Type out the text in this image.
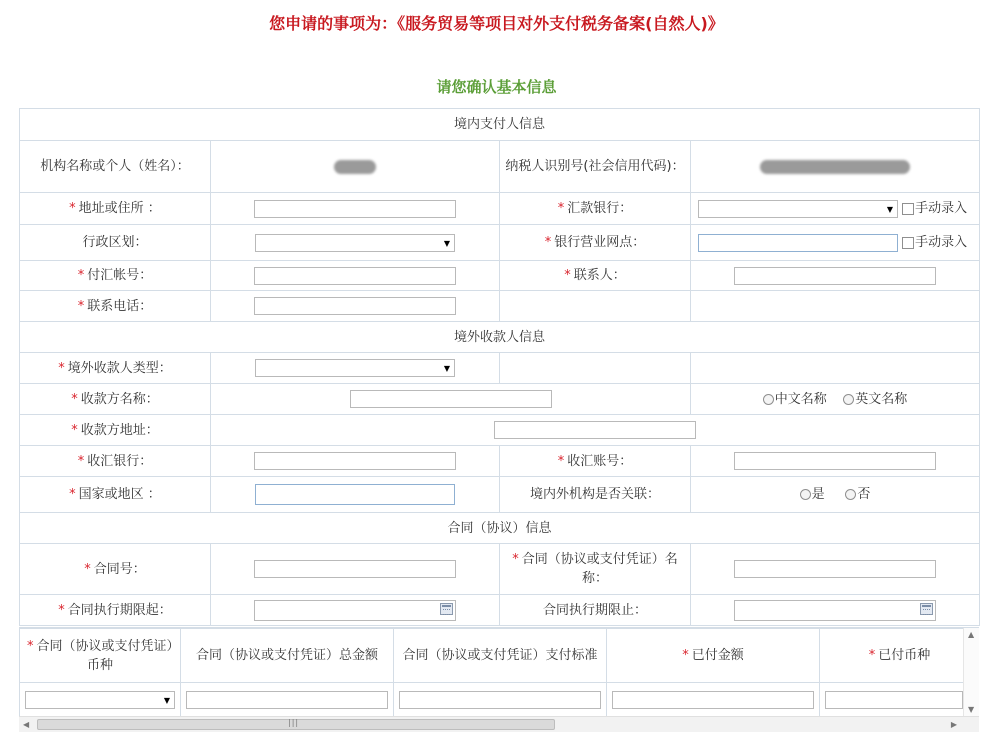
您申请的事项为：《服务贸易等项目对外支付税务备案(自然人)》
请您确认基本信息
境内支付人信息			
机构名称或个人（姓名）：		纳税人识别号(社会信用代码)：	
* 地址或住所 ：		* 汇款银行：	▼ 手动录入
行政区划：	▼	* 银行营业网点：	手动录入
* 付汇帐号：		* 联系人：	
* 联系电话：			
境外收款人信息			
* 境外收款人类型：	▼		

* 收款方名称：			中文名称 英文名称
* 收款方地址：			
* 收汇银行：		* 收汇账号：	
* 国家或地区 ：		境内外机构是否关联：	是 否
合同（协议）信息			
* 合同号：		* 合同（协议或支付凭证）名称：	
* 合同执行期限起：		合同执行期限止：	
* 合同（协议或支付凭证）币种	合同（协议或支付凭证）总金额	合同（协议或支付凭证）支付标准	* 已付金额	* 已付币种

▼				

▲
▼
◀	|||	▶
